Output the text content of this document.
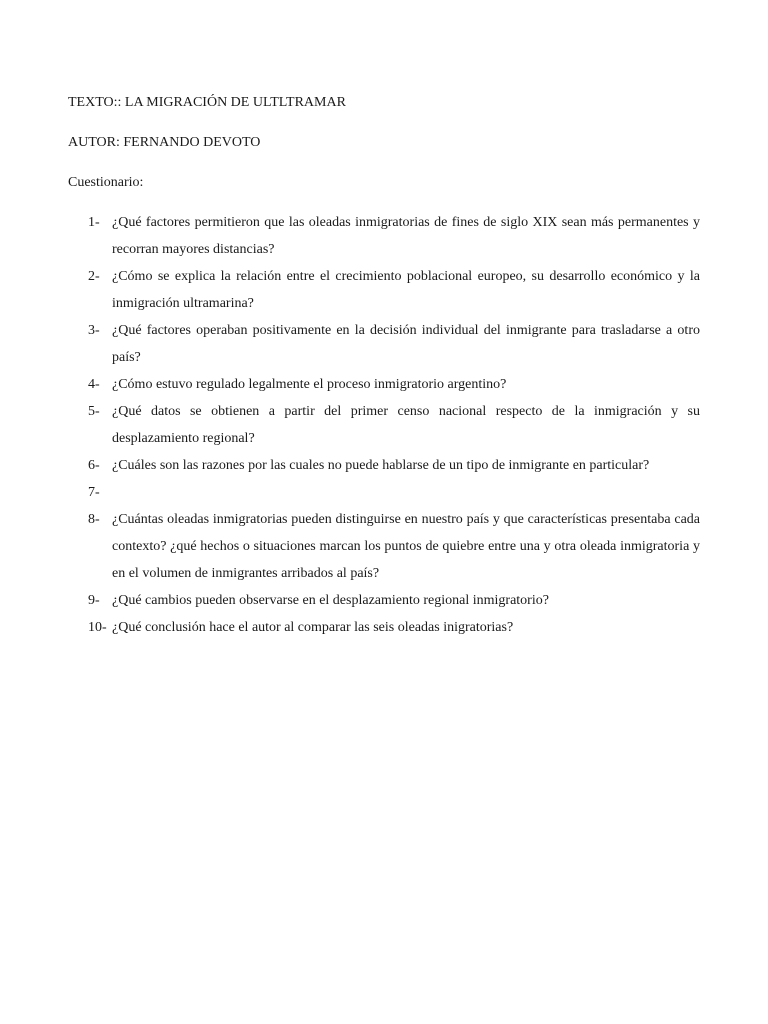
TEXTO:: LA MIGRACIÓN DE ULTLTRAMAR

AUTOR: FERNANDO DEVOTO

Cuestionario:

1- ¿Qué factores permitieron que las oleadas inmigratorias de fines de siglo XIX sean más permanentes y recorran mayores distancias?
2- ¿Cómo se explica la relación entre el crecimiento poblacional europeo, su desarrollo económico y la inmigración ultramarina?
3- ¿Qué factores operaban positivamente en la decisión individual del inmigrante para trasladarse a otro país?
4- ¿Cómo estuvo regulado legalmente el proceso inmigratorio argentino?
5- ¿Qué datos se obtienen a partir del primer censo nacional respecto de la inmigración y su desplazamiento regional?
6- ¿Cuáles son las razones por las cuales no puede hablarse de un tipo de inmigrante en particular?
7-
8- ¿Cuántas oleadas inmigratorias pueden distinguirse en nuestro país y que características presentaba cada contexto? ¿qué hechos o situaciones marcan los puntos de quiebre entre una y otra oleada inmigratoria y en el volumen de inmigrantes arribados al país?
9- ¿Qué cambios pueden observarse en el desplazamiento regional inmigratorio?
10- ¿Qué conclusión hace el autor al comparar las seis oleadas inigratorias?
